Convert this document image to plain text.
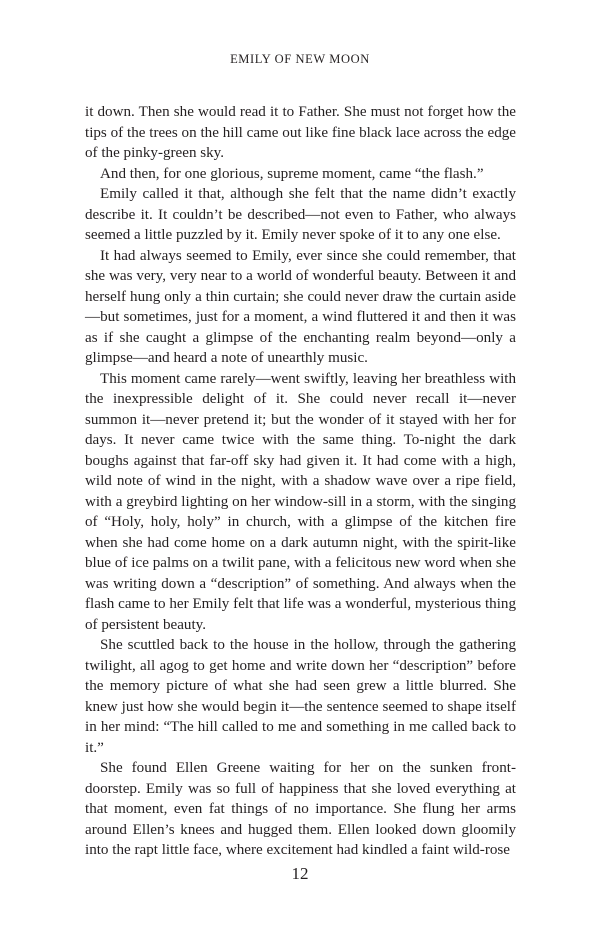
EMILY OF NEW MOON

it down. Then she would read it to Father. She must not forget how the tips of the trees on the hill came out like fine black lace across the edge of the pinky-green sky.

And then, for one glorious, supreme moment, came “the flash.”

Emily called it that, although she felt that the name didn’t exactly describe it. It couldn’t be described—not even to Father, who always seemed a little puzzled by it. Emily never spoke of it to any one else.

It had always seemed to Emily, ever since she could remember, that she was very, very near to a world of wonderful beauty. Between it and herself hung only a thin curtain; she could never draw the curtain aside—but sometimes, just for a moment, a wind fluttered it and then it was as if she caught a glimpse of the enchanting realm beyond—only a glimpse—and heard a note of unearthly music.

This moment came rarely—went swiftly, leaving her breathless with the inexpressible delight of it. She could never recall it—never summon it—never pretend it; but the wonder of it stayed with her for days. It never came twice with the same thing. To-night the dark boughs against that far-off sky had given it. It had come with a high, wild note of wind in the night, with a shadow wave over a ripe field, with a greybird lighting on her window-sill in a storm, with the singing of “Holy, holy, holy” in church, with a glimpse of the kitchen fire when she had come home on a dark autumn night, with the spirit-like blue of ice palms on a twilit pane, with a felicitous new word when she was writing down a “description” of something. And always when the flash came to her Emily felt that life was a wonderful, mysterious thing of persistent beauty.

She scuttled back to the house in the hollow, through the gathering twilight, all agog to get home and write down her “description” before the memory picture of what she had seen grew a little blurred. She knew just how she would begin it—the sentence seemed to shape itself in her mind: “The hill called to me and something in me called back to it.”

She found Ellen Greene waiting for her on the sunken front-doorstep. Emily was so full of happiness that she loved everything at that moment, even fat things of no importance. She flung her arms around Ellen’s knees and hugged them. Ellen looked down gloomily into the rapt little face, where excitement had kindled a faint wild-rose

12
